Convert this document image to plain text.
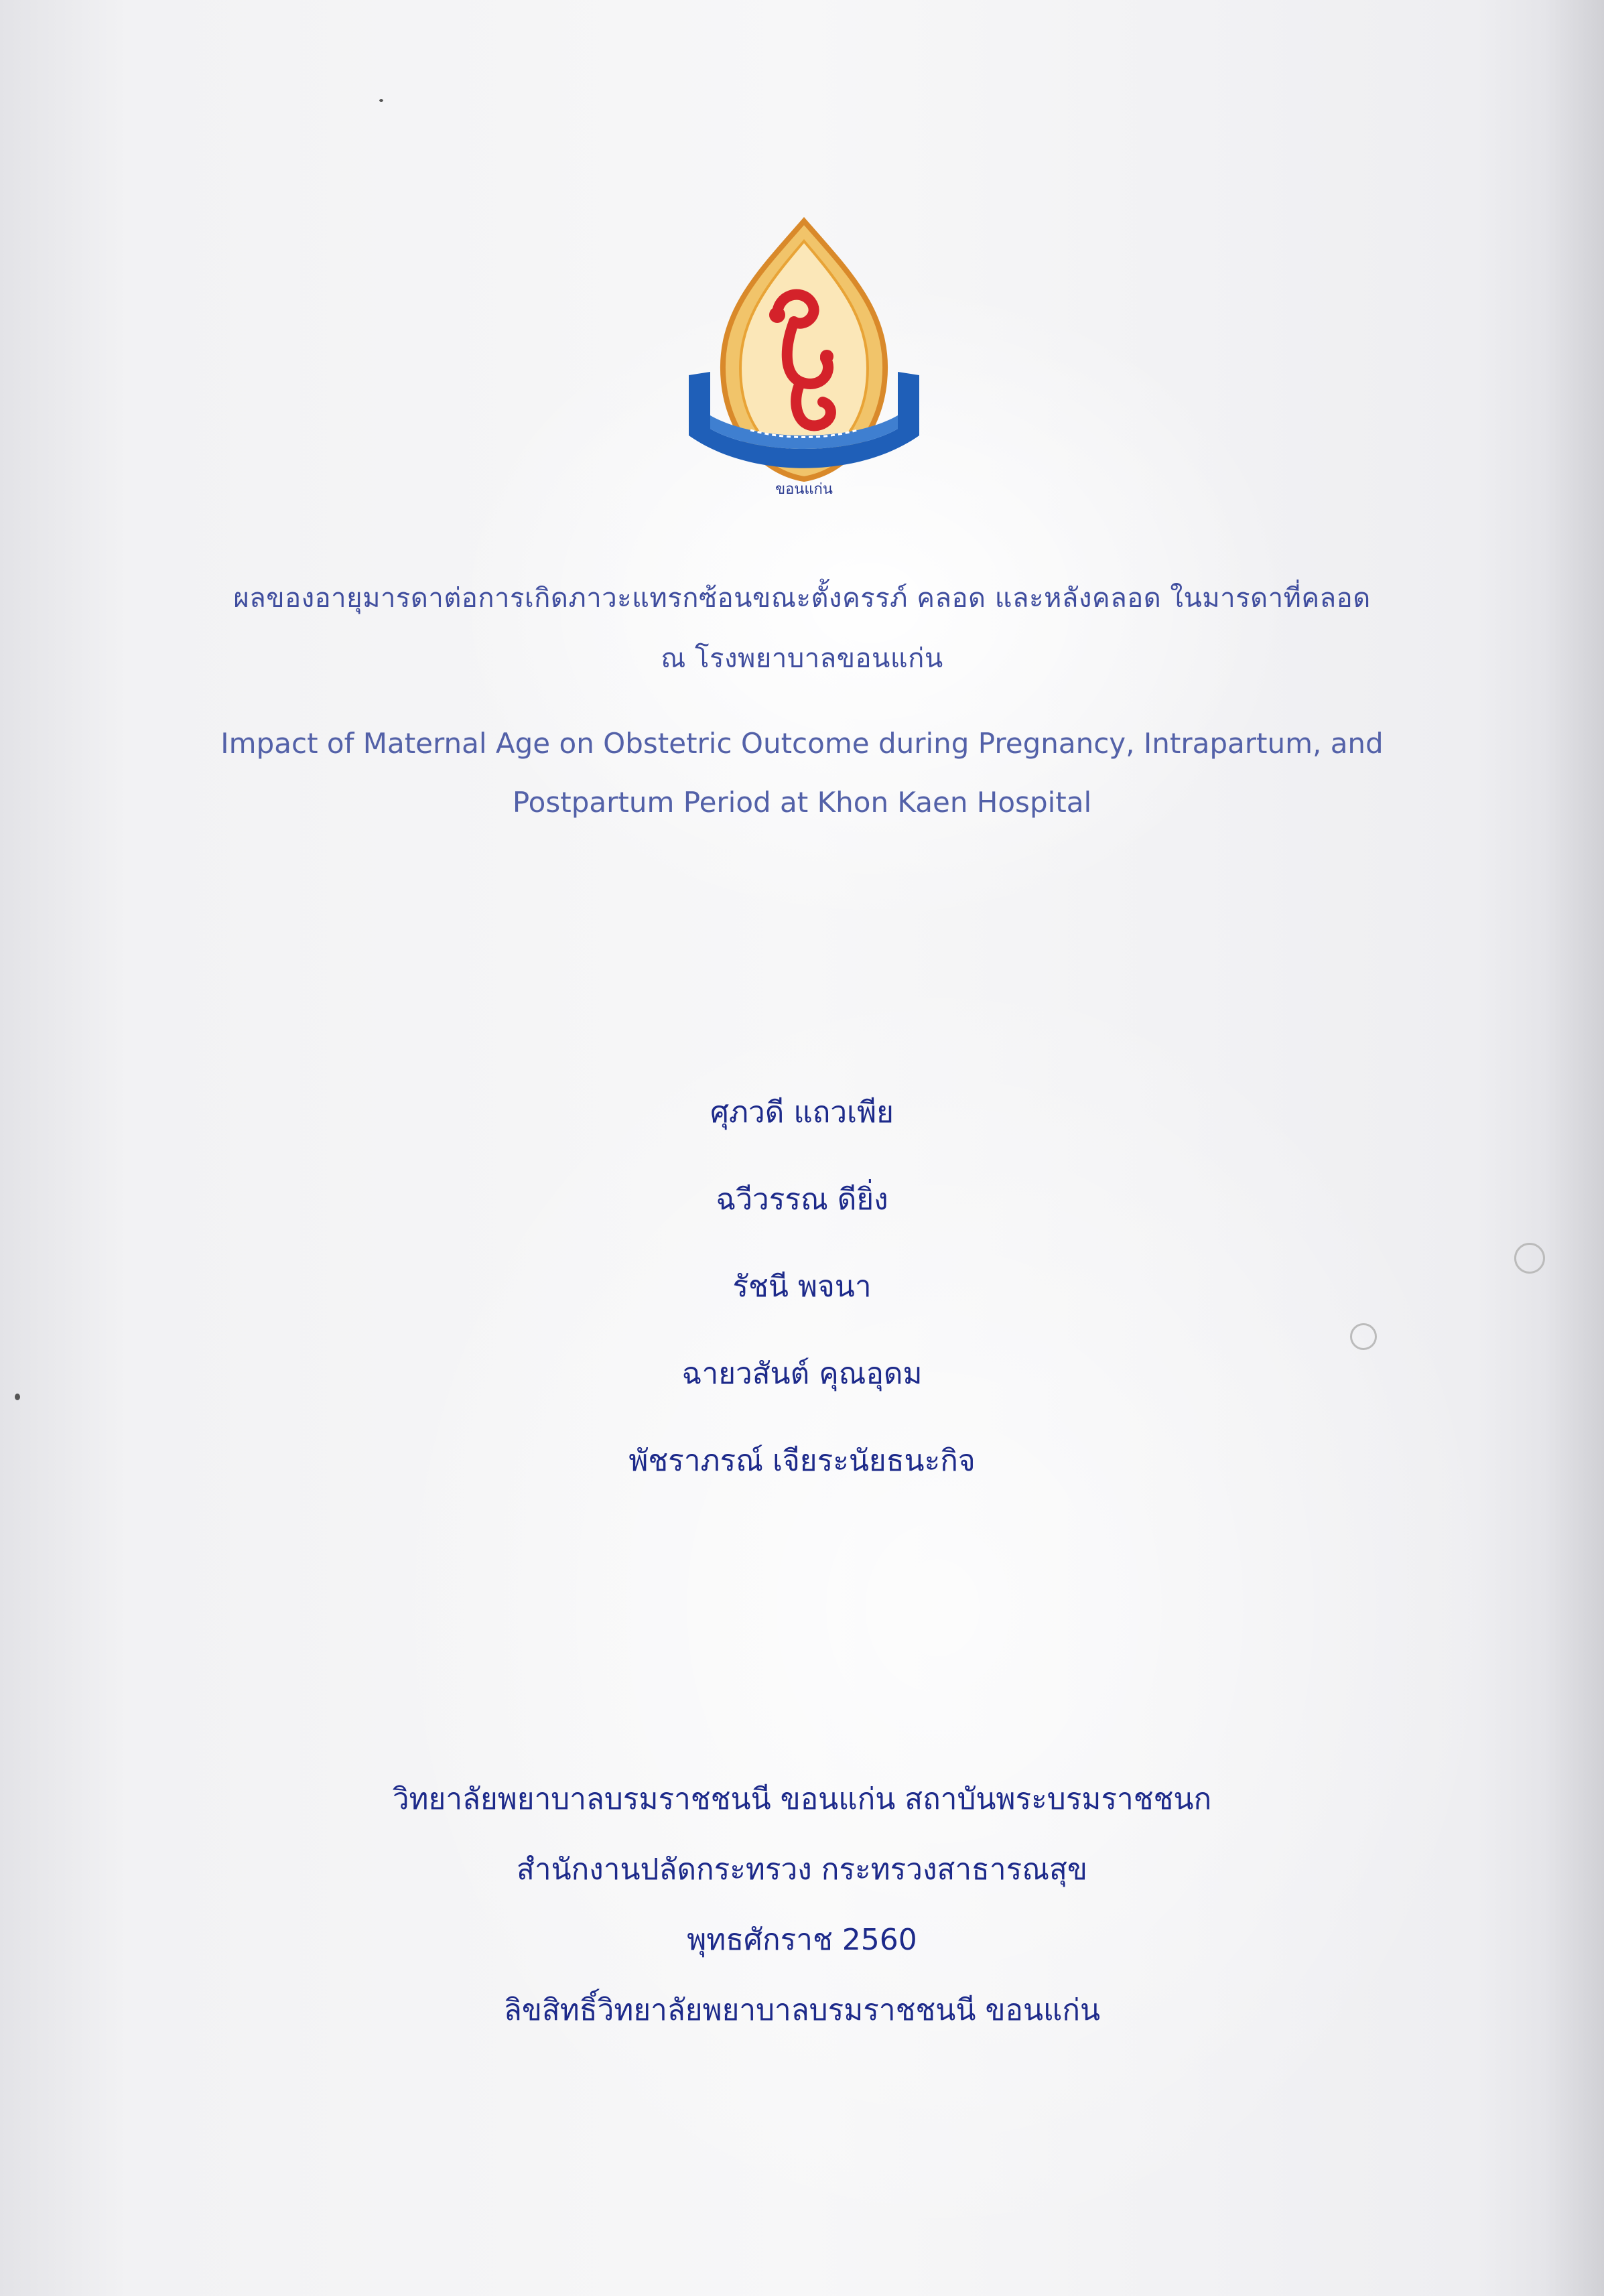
ขอนแก่น
ผลของอายุมารดาต่อการเกิดภาวะแทรกซ้อนขณะตั้งครรภ์ คลอด และหลังคลอด ในมารดาที่คลอด
ณ โรงพยาบาลขอนแก่น
Impact of Maternal Age on Obstetric Outcome during Pregnancy, Intrapartum, and
Postpartum Period at Khon Kaen Hospital
ศุภวดี แถวเพีย
ฉวีวรรณ ดียิ่ง
รัชนี พจนา
ฉายวสันต์ คุณอุดม
พัชราภรณ์ เจียระนัยธนะกิจ
วิทยาลัยพยาบาลบรมราชชนนี ขอนแก่น สถาบันพระบรมราชชนก
สำนักงานปลัดกระทรวง กระทรวงสาธารณสุข
พุทธศักราช 2560
ลิขสิทธิ์วิทยาลัยพยาบาลบรมราชชนนี ขอนแก่น
